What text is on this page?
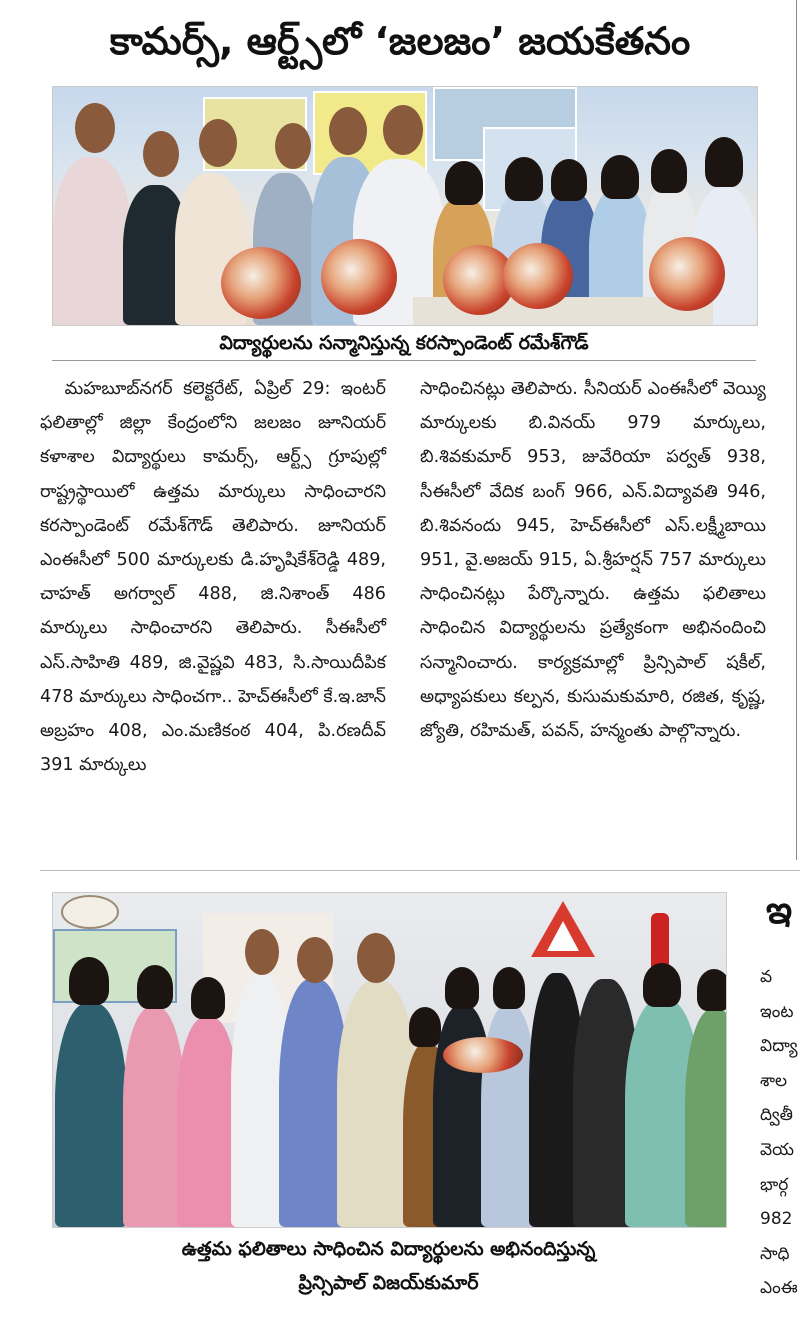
కామర్స్, ఆర్ట్స్‌లో ‘జలజం’ జయకేతనం
విద్యార్థులను సన్మానిస్తున్న కరస్పాండెంట్ రమేశ్‌గౌడ్

మహబూబ్‌నగర్ కలెక్టరేట్, ఏప్రిల్ 29: ఇంటర్ ఫలితాల్లో జిల్లా కేంద్రంలోని జలజం జూనియర్ కళాశాల విద్యార్థులు కామర్స్, ఆర్ట్స్ గ్రూపుల్లో రాష్ట్రస్థాయిలో ఉత్తమ మార్కులు సాధించారని కరస్పాండెంట్ రమేశ్‌గౌడ్ తెలిపారు. జూనియర్ ఎంఈసీలో 500 మార్కులకు డి.హృషికేశ్‌రెడ్డి 489, చాహత్ అగర్వాల్ 488, జి.నిశాంత్ 486 మార్కులు సాధించారని తెలిపారు. సీఈసీలో ఎస్.సాహితి 489, జి.వైష్ణవి 483, సి.సాయిదీపిక 478 మార్కులు సాధించగా.. హెచ్ఈసీలో కే.ఇ.జాన్ అబ్రహం 408, ఎం.మణికంఠ 404, పి.రణదీవ్ 391 మార్కులు

సాధించినట్లు తెలిపారు. సీనియర్ ఎంఈసీలో వెయ్యి మార్కులకు బి.వినయ్ 979 మార్కులు, బి.శివకుమార్ 953, జువేరియా పర్వత్ 938, సీఈసీలో వేదిక బంగ్ 966, ఎన్.విద్యావతి 946, బి.శివనందు 945, హెచ్ఈసీలో ఎస్.లక్ష్మీబాయి 951, వై.అజయ్ 915, ఏ.శ్రీహర్షన్ 757 మార్కులు సాధించినట్లు పేర్కొన్నారు. ఉత్తమ ఫలితాలు సాధించిన విద్యార్థులను ప్రత్యేకంగా అభినందించి సన్మానించారు. కార్యక్రమాల్లో ప్రిన్సిపాల్ షకీల్, అధ్యాపకులు కల్పన, కుసుమకుమారి, రజిత, కృష్ణ, జ్యోతి, రహిమత్, పవన్, హన్మంతు పాల్గొన్నారు.

ఉత్తమ ఫలితాలు సాధించిన విద్యార్థులను అభినందిస్తున్న
ప్రిన్సిపాల్ విజయ్‌కుమార్
ఇ
వ
ఇంట
విద్యా
శాల
ద్వితీ
వెయ
భార్గ
982
సాధి
ఎంఈ
